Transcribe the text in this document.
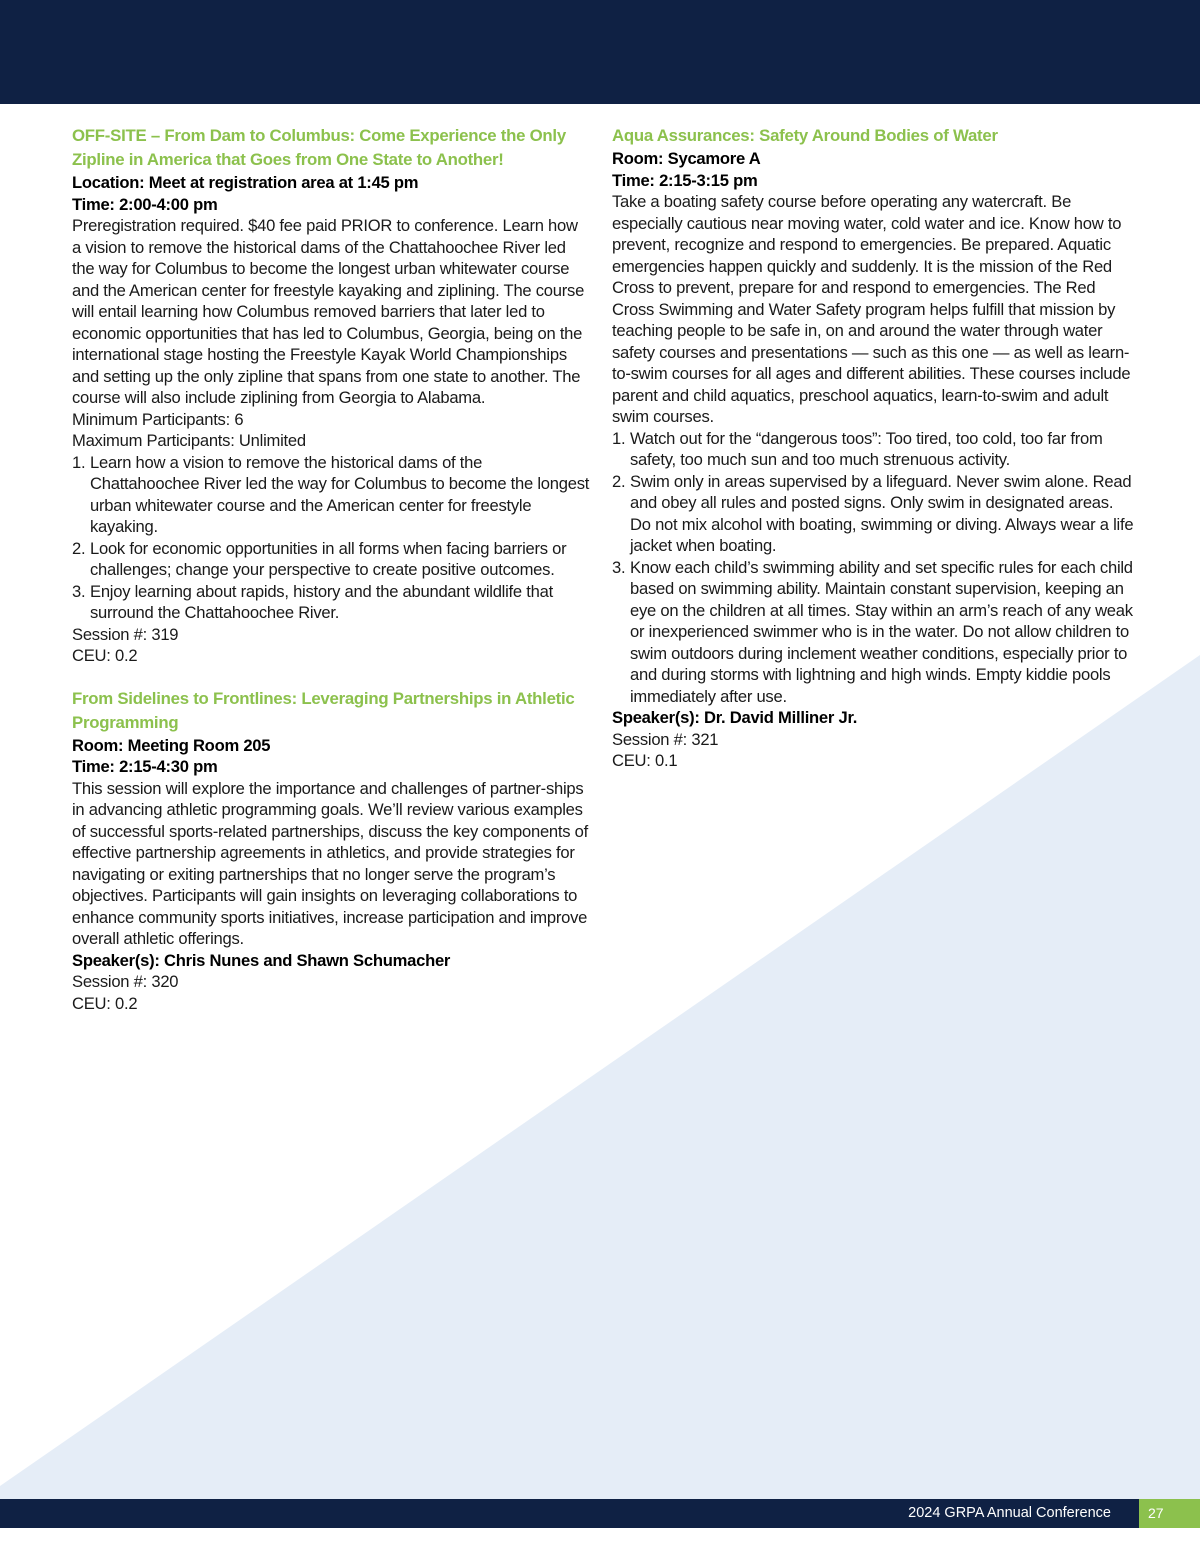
OFF-SITE – From Dam to Columbus: Come Experience the Only Zipline in America that Goes from One State to Another!
Location: Meet at registration area at 1:45 pm
Time: 2:00-4:00 pm
Preregistration required. $40 fee paid PRIOR to conference. Learn how a vision to remove the historical dams of the Chattahoochee River led the way for Columbus to become the longest urban whitewater course and the American center for freestyle kayaking and ziplining. The course will entail learning how Columbus removed barriers that later led to economic opportunities that has led to Columbus, Georgia, being on the international stage hosting the Freestyle Kayak World Championships and setting up the only zipline that spans from one state to another. The course will also include ziplining from Georgia to Alabama.
Minimum Participants: 6
Maximum Participants: Unlimited
1. Learn how a vision to remove the historical dams of the Chattahoochee River led the way for Columbus to become the longest urban whitewater course and the American center for freestyle kayaking.
2. Look for economic opportunities in all forms when facing barriers or challenges; change your perspective to create positive outcomes.
3. Enjoy learning about rapids, history and the abundant wildlife that surround the Chattahoochee River.
Session #: 319
CEU: 0.2
From Sidelines to Frontlines: Leveraging Partnerships in Athletic Programming
Room: Meeting Room 205
Time: 2:15-4:30 pm
This session will explore the importance and challenges of partner-ships in advancing athletic programming goals. We’ll review various examples of successful sports-related partnerships, discuss the key components of effective partnership agreements in athletics, and provide strategies for navigating or exiting partnerships that no longer serve the program’s objectives. Participants will gain insights on leveraging collaborations to enhance community sports initiatives, increase participation and improve overall athletic offerings.
Speaker(s): Chris Nunes and Shawn Schumacher
Session #: 320
CEU: 0.2
Aqua Assurances: Safety Around Bodies of Water
Room: Sycamore A
Time: 2:15-3:15 pm
Take a boating safety course before operating any watercraft. Be especially cautious near moving water, cold water and ice. Know how to prevent, recognize and respond to emergencies. Be prepared. Aquatic emergencies happen quickly and suddenly. It is the mission of the Red Cross to prevent, prepare for and respond to emergencies. The Red Cross Swimming and Water Safety program helps fulfill that mission by teaching people to be safe in, on and around the water through water safety courses and presentations — such as this one — as well as learn-to-swim courses for all ages and different abilities. These courses include parent and child aquatics, preschool aquatics, learn-to-swim and adult swim courses.
1. Watch out for the “dangerous toos”: Too tired, too cold, too far from safety, too much sun and too much strenuous activity.
2. Swim only in areas supervised by a lifeguard. Never swim alone. Read and obey all rules and posted signs. Only swim in designated areas. Do not mix alcohol with boating, swimming or diving. Always wear a life jacket when boating.
3. Know each child’s swimming ability and set specific rules for each child based on swimming ability. Maintain constant supervision, keeping an eye on the children at all times. Stay within an arm’s reach of any weak or inexperienced swimmer who is in the water. Do not allow children to swim outdoors during inclement weather conditions, especially prior to and during storms with lightning and high winds. Empty kiddie pools immediately after use.
Speaker(s): Dr. David Milliner Jr.
Session #: 321
CEU: 0.1
2024 GRPA Annual Conference	27
